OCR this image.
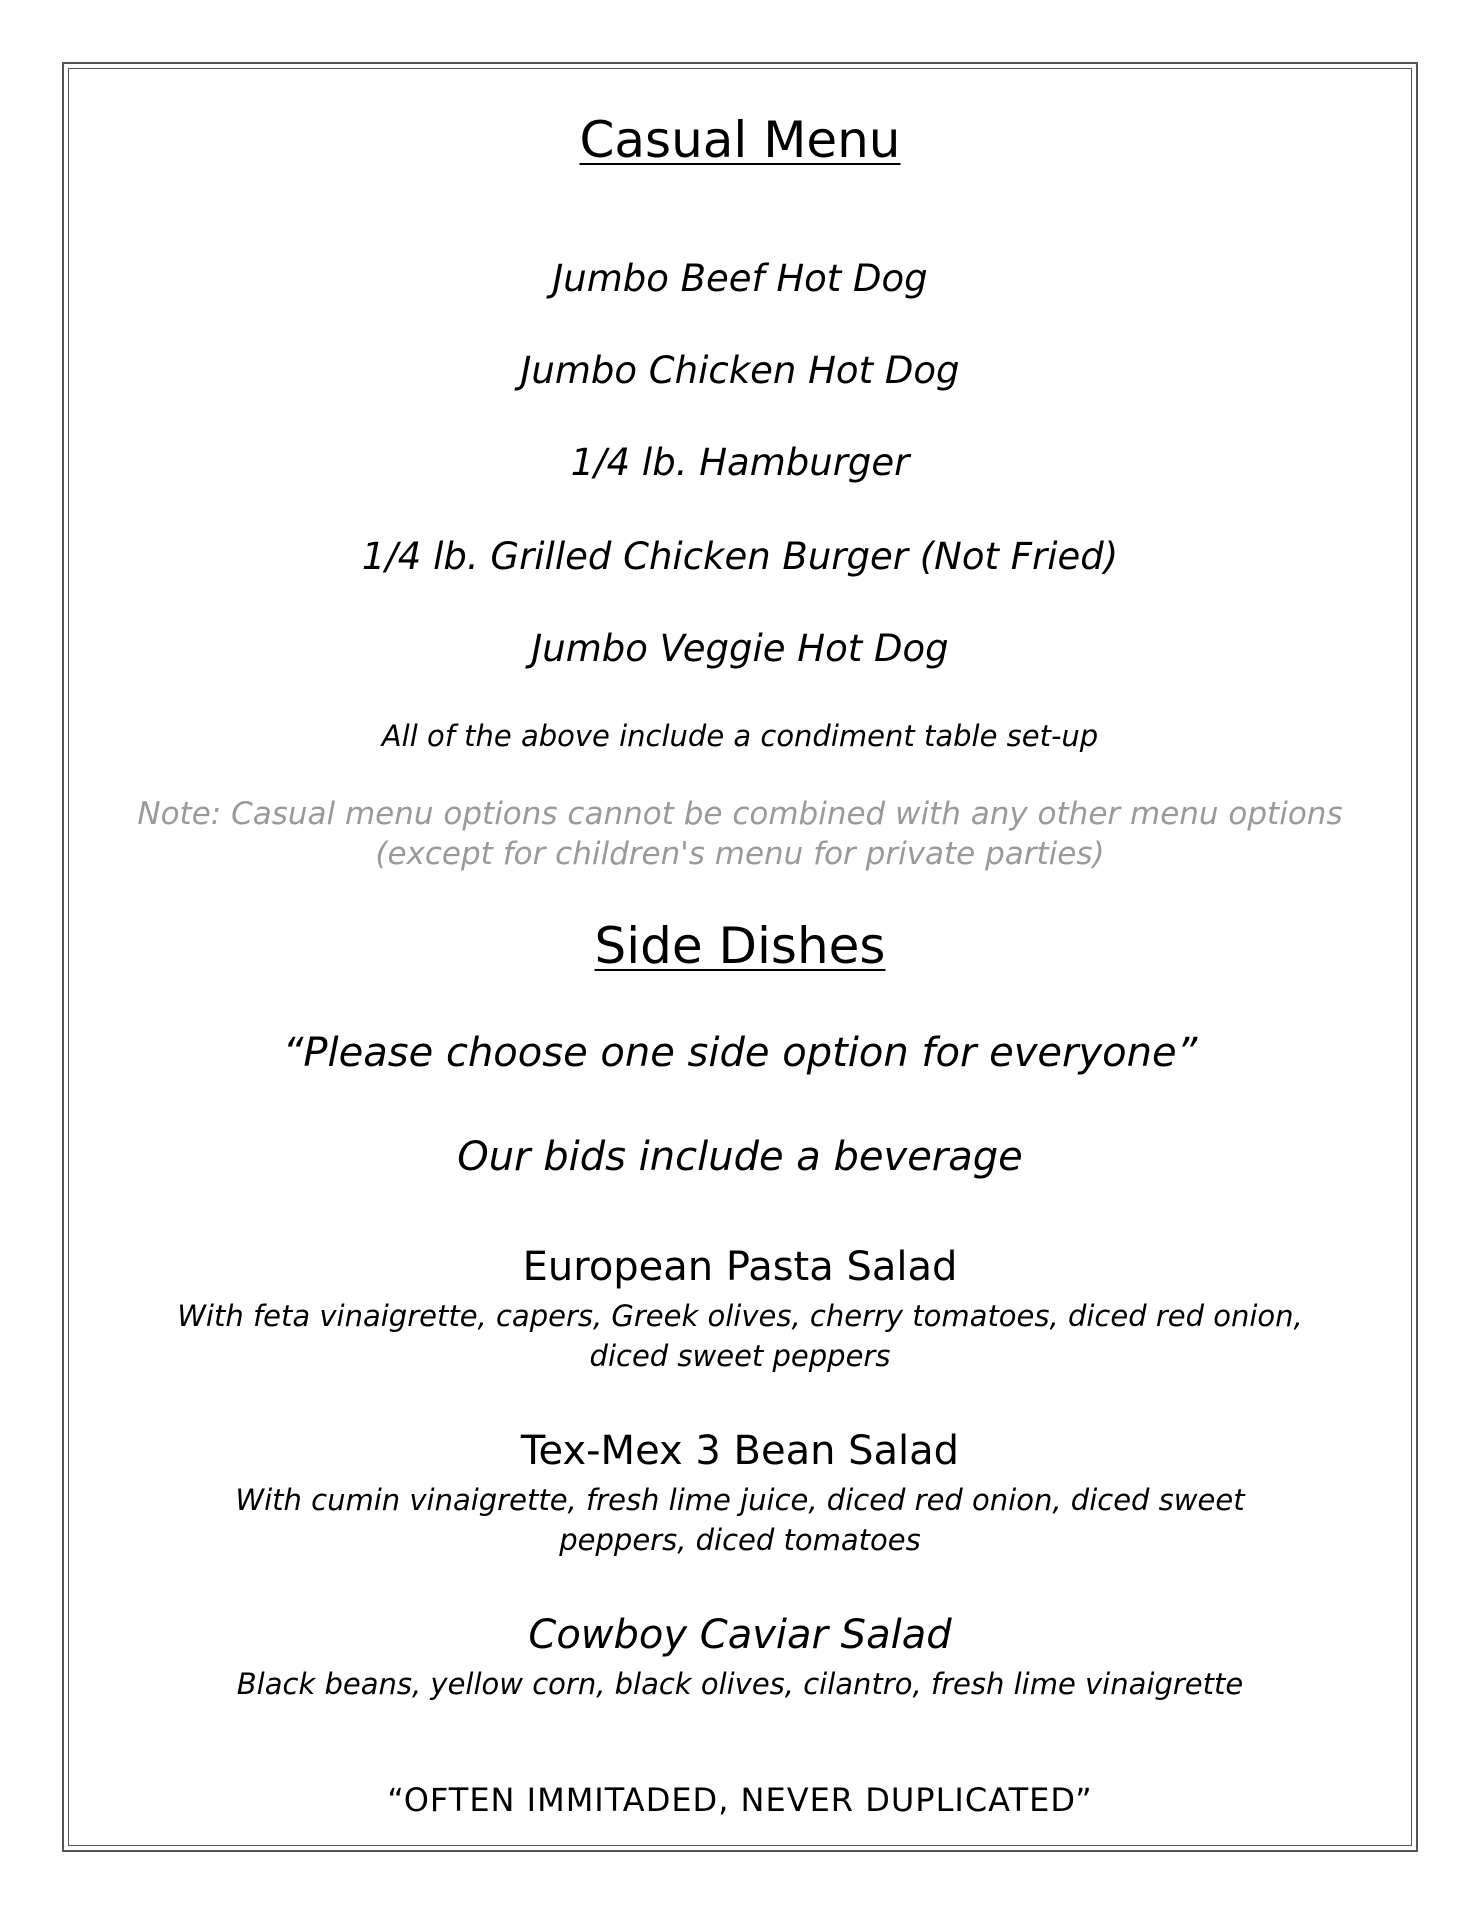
Casual Menu
Jumbo Beef Hot Dog
Jumbo Chicken Hot Dog
1/4 lb. Hamburger
1/4 lb. Grilled Chicken Burger (Not Fried)
Jumbo Veggie Hot Dog
All of the above include a condiment table set-up
Note: Casual menu options cannot be combined with any other menu options
(except for children's menu for private parties)
Side Dishes
“Please choose one side option for everyone”
Our bids include a beverage
European Pasta Salad
With feta vinaigrette, capers, Greek olives, cherry tomatoes, diced red onion, diced sweet peppers
Tex-Mex 3 Bean Salad
With cumin vinaigrette, fresh lime juice, diced red onion, diced sweet peppers, diced tomatoes
Cowboy Caviar Salad
Black beans, yellow corn, black olives, cilantro, fresh lime vinaigrette
“OFTEN IMMITADED, NEVER DUPLICATED”
